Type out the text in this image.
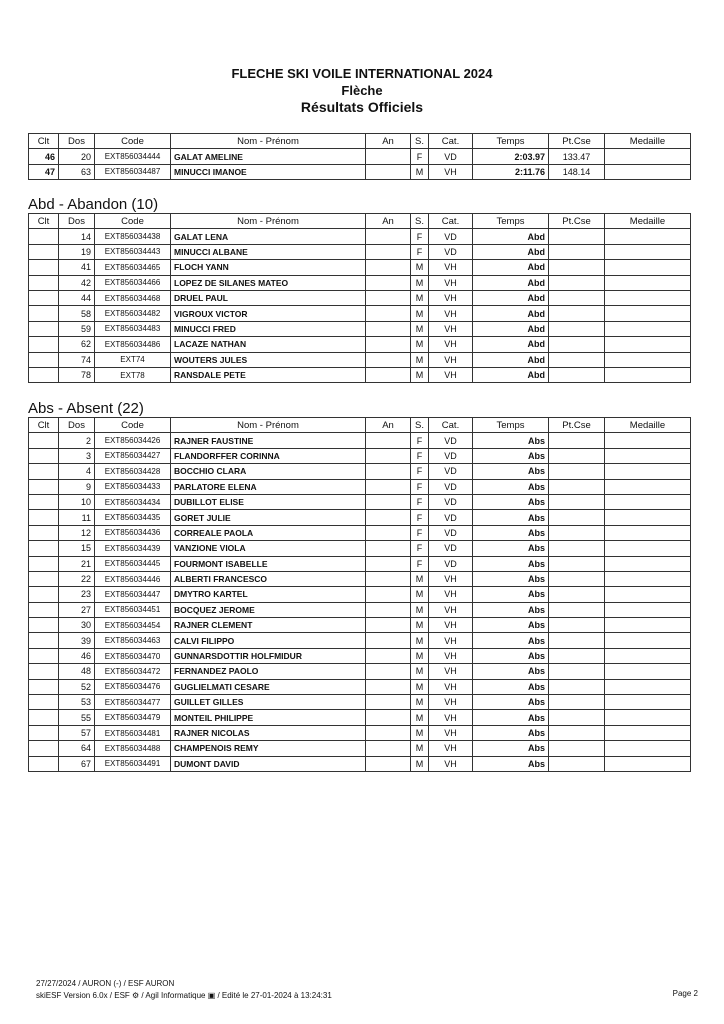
FLECHE SKI VOILE INTERNATIONAL 2024
Flèche
Résultats Officiels
Clt	Dos	Code	Nom - Prénom	An	S.	Cat.	Temps	Pt.Cse	Medaille
46	20	EXT856034444	GALAT AMELINE		F	VD	2:03.97	133.47	
47	63	EXT856034487	MINUCCI IMANOE		M	VH	2:11.76	148.14	
Abd - Abandon (10)
Clt	Dos	Code	Nom - Prénom	An	S.	Cat.	Temps	Pt.Cse	Medaille
	14	EXT856034438	GALAT LENA		F	VD	Abd		
	19	EXT856034443	MINUCCI ALBANE		F	VD	Abd		
	41	EXT856034465	FLOCH YANN		M	VH	Abd		
	42	EXT856034466	LOPEZ DE SILANES MATEO		M	VH	Abd		
	44	EXT856034468	DRUEL PAUL		M	VH	Abd		
	58	EXT856034482	VIGROUX VICTOR		M	VH	Abd		
	59	EXT856034483	MINUCCI FRED		M	VH	Abd		
	62	EXT856034486	LACAZE NATHAN		M	VH	Abd		
	74	EXT74	WOUTERS JULES		M	VH	Abd		
	78	EXT78	RANSDALE PETE		M	VH	Abd		
Abs - Absent (22)
Clt	Dos	Code	Nom - Prénom	An	S.	Cat.	Temps	Pt.Cse	Medaille
	2	EXT856034426	RAJNER FAUSTINE		F	VD	Abs		
	3	EXT856034427	FLANDORFFER CORINNA		F	VD	Abs		
	4	EXT856034428	BOCCHIO CLARA		F	VD	Abs		
	9	EXT856034433	PARLATORE ELENA		F	VD	Abs		
	10	EXT856034434	DUBILLOT ELISE		F	VD	Abs		
	11	EXT856034435	GORET JULIE		F	VD	Abs		
	12	EXT856034436	CORREALE PAOLA		F	VD	Abs		
	15	EXT856034439	VANZIONE VIOLA		F	VD	Abs		
	21	EXT856034445	FOURMONT ISABELLE		F	VD	Abs		
	22	EXT856034446	ALBERTI FRANCESCO		M	VH	Abs		
	23	EXT856034447	DMYTRO KARTEL		M	VH	Abs		
	27	EXT856034451	BOCQUEZ JEROME		M	VH	Abs		
	30	EXT856034454	RAJNER CLEMENT		M	VH	Abs		
	39	EXT856034463	CALVI FILIPPO		M	VH	Abs		
	46	EXT856034470	GUNNARSDOTTIR HOLFMIDUR		M	VH	Abs		
	48	EXT856034472	FERNANDEZ PAOLO		M	VH	Abs		
	52	EXT856034476	GUGLIELMATI CESARE		M	VH	Abs		
	53	EXT856034477	GUILLET GILLES		M	VH	Abs		
	55	EXT856034479	MONTEIL PHILIPPE		M	VH	Abs		
	57	EXT856034481	RAJNER NICOLAS		M	VH	Abs		
	64	EXT856034488	CHAMPENOIS REMY		M	VH	Abs		
	67	EXT856034491	DUMONT DAVID		M	VH	Abs		
27/27/2024 / AURON (-) / ESF AURON
skiESF Version 6.0x / ESF ⚙ / Agil Informatique ▣ / Edité le 27-01-2024 à 13:24:31	Page 2
